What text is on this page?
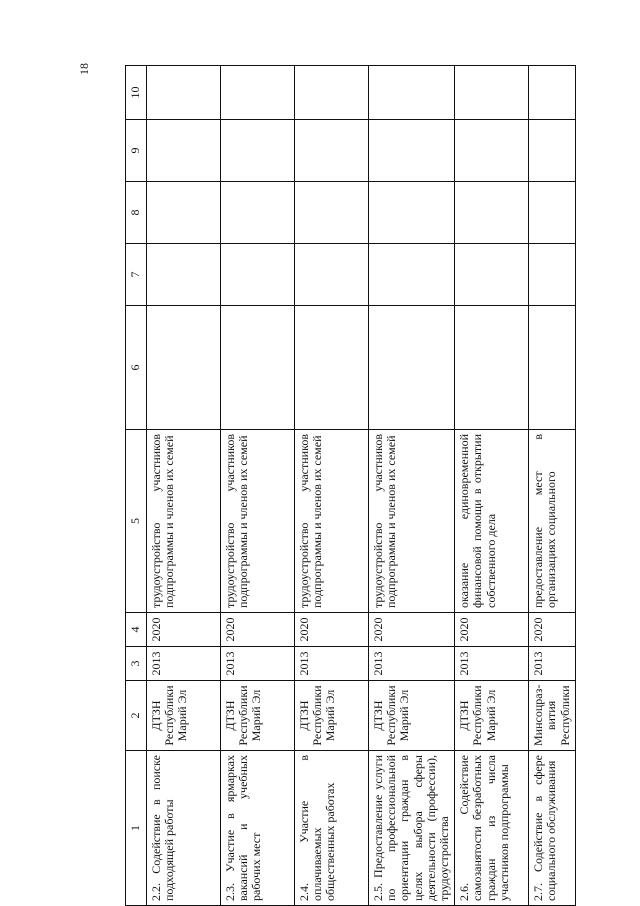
18
1	2	3	4	5	6	7	8	9	10
2.2. Содействие в поиске подходящей работы	ДТЗН Республики Марий Эл	2013	2020	трудоустройство участников подпрограммы и членов их семей					
2.3. Участие в ярмарках вакансий и учебных рабочих мест	ДТЗН Республики Марий Эл	2013	2020	трудоустройство участников подпрограммы и членов их семей					
2.4. Участие в оплачиваемых общественных работах	ДТЗН Республики Марий Эл	2013	2020	трудоустройство участников подпрограммы и членов их семей					
2.5. Предоставление услуги по профессиональной ориентации граждан в целях выбора сферы деятельности (профессии), трудоустройства	ДТЗН Республики Марий Эл	2013	2020	трудоустройство участников подпрограммы и членов их семей					
2.6. Содействие самозанятости безработных граждан из числа участников подпрограммы	ДТЗН Республики Марий Эл	2013	2020	оказание единовременной финансовой помощи в открытии собственного дела					
2.7. Содействие в сфере социального обслуживания	Минсоцраз-вития Республики	2013	2020	предоставление мест в организациях социального					
